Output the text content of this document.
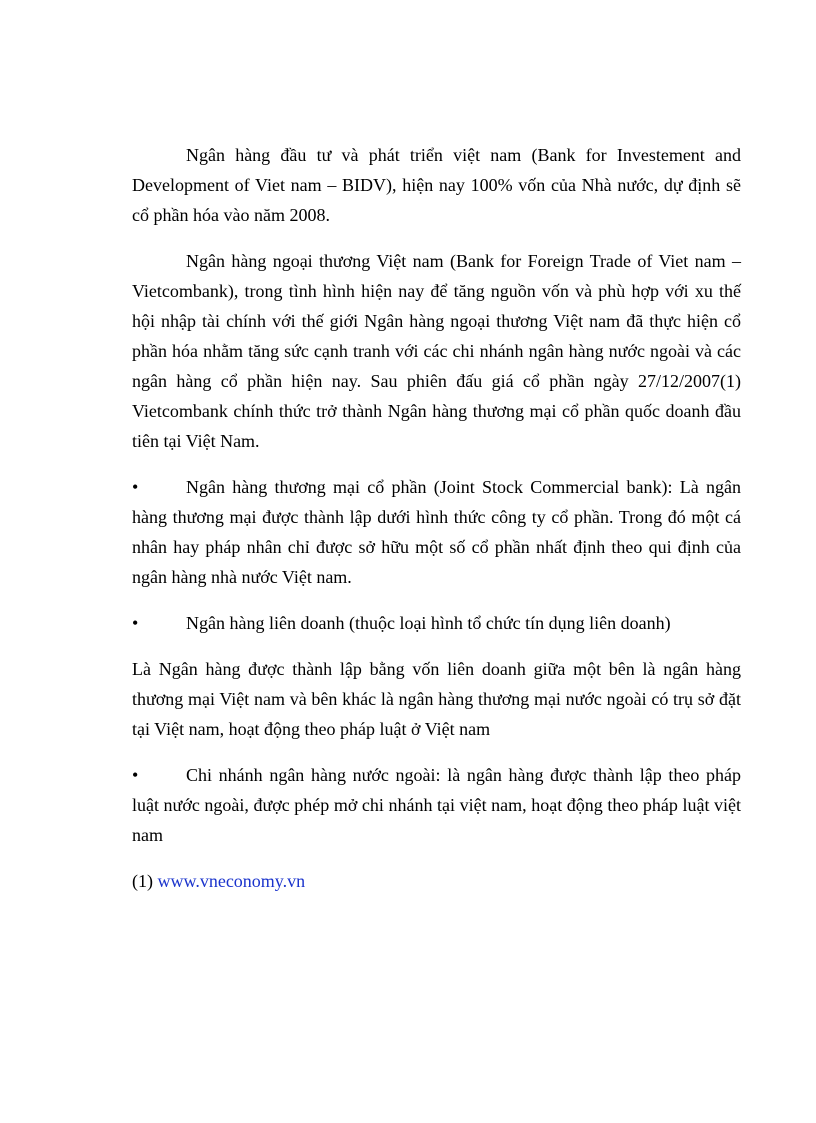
Ngân hàng đầu tư và phát triển việt nam (Bank for Investement and Development of Viet nam – BIDV), hiện nay 100% vốn của Nhà nước, dự định sẽ cổ phần hóa vào năm 2008.

Ngân hàng ngoại thương Việt nam (Bank for Foreign Trade of Viet nam – Vietcombank), trong tình hình hiện nay để tăng nguồn vốn và phù hợp với xu thế hội nhập tài chính với thế giới Ngân hàng ngoại thương Việt nam đã thực hiện cổ phần hóa nhằm tăng sức cạnh tranh với các chi nhánh ngân hàng nước ngoài và các ngân hàng cổ phần hiện nay. Sau phiên đấu giá cổ phần ngày 27/12/2007(1) Vietcombank chính thức trở thành Ngân hàng thương mại cổ phần quốc doanh đầu tiên tại Việt Nam.

•	Ngân hàng thương mại cổ phần (Joint Stock Commercial bank): Là ngân hàng thương mại được thành lập dưới hình thức công ty cổ phần. Trong đó một cá nhân hay pháp nhân chỉ được sở hữu một số cổ phần nhất định theo qui định của ngân hàng nhà nước Việt nam.
•	Ngân hàng liên doanh (thuộc loại hình tổ chức tín dụng liên doanh)

Là Ngân hàng được thành lập bằng vốn liên doanh giữa một bên là ngân hàng thương mại Việt nam và bên khác là ngân hàng thương mại nước ngoài có trụ sở đặt tại Việt nam, hoạt động theo pháp luật ở Việt nam

•	Chi nhánh ngân hàng nước ngoài: là ngân hàng được thành lập theo pháp luật nước ngoài, được phép mở chi nhánh tại việt nam, hoạt động theo pháp luật việt nam

(1) www.vneconomy.vn
